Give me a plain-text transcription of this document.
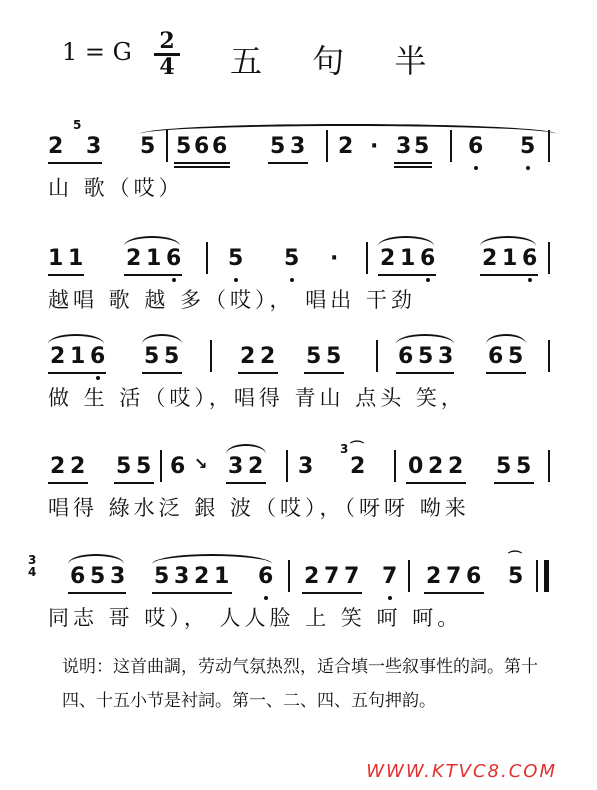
1 = G $\frac{2}{4}$ 五 句 半
2
5
3 5 5 6 6 5 3 2 · 3 5 6 5
山 歌（哎）
1 1 2 1 6 5 5 · 2 1 6 2 1 6
越唱 歌 越 多（哎）， 唱出 干劲
2 1 6 5 5	2 2 5 5	6 5 3 6 5
做 生 活（哎），唱得 青山 点头 笑，
2 2 5 5 6 ↘ 3 2 3
3
2
⌒
0 2 2 5 5
唱得 綠水泛 銀 波（哎），（呀呀 呦来
3
4 6 5 3 5 3 2 1 6 2 7 7 7 2 7 6 5
⌒
同志 哥 哎）， 人人脸 上 笑 呵 呵。
说明：这首曲調，劳动气氛热烈，适合填一些叙事性的詞。第十四、十五小节是衬詞。第一、二、四、五句押韵。
WWW.KTVC8.COM
